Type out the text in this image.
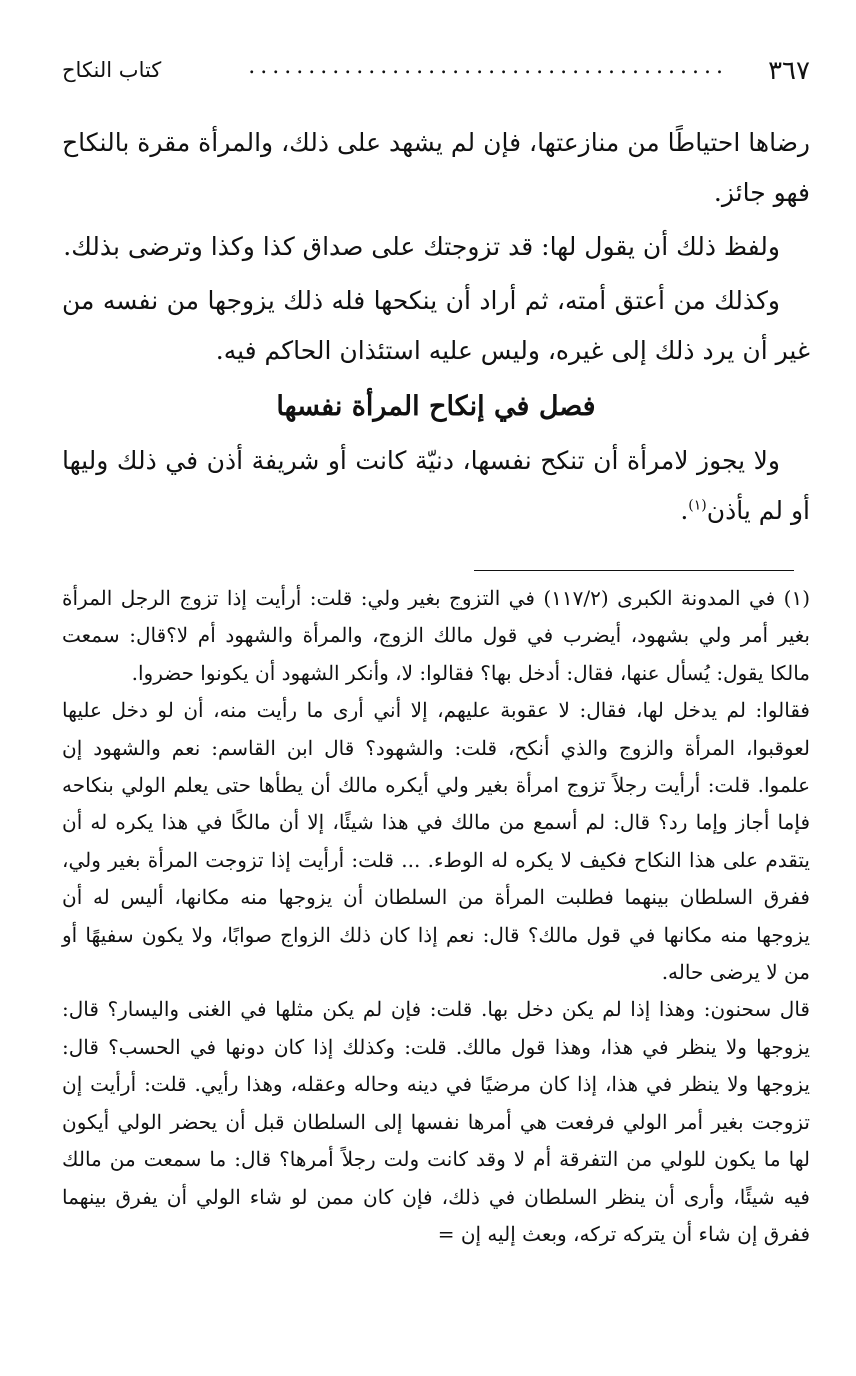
٣٦٧
........................................
كتاب النكاح

رضاها احتياطًا من منازعتها، فإن لم يشهد على ذلك، والمرأة مقرة بالنكاح فهو جائز.

ولفظ ذلك أن يقول لها: قد تزوجتك على صداق كذا وكذا وترضى بذلك.

وكذلك من أعتق أمته، ثم أراد أن ينكحها فله ذلك يزوجها من نفسه من غير أن يرد ذلك إلى غيره، وليس عليه استئذان الحاكم فيه.

فصل في إنكاح المرأة نفسها

ولا يجوز لامرأة أن تنكح نفسها، دنيّة كانت أو شريفة أذن في ذلك وليها أو لم يأذن$^{(١)}$.

(١) في المدونة الكبرى (١١٧/٢) في التزوج بغير ولي: قلت: أرأيت إذا تزوج الرجل المرأة بغير أمر ولي بشهود، أيضرب في قول مالك الزوج، والمرأة والشهود أم لا؟قال: سمعت مالكا يقول: يُسأل عنها، فقال: أدخل بها؟ فقالوا: لا، وأنكر الشهود أن يكونوا حضروا.

فقالوا: لم يدخل لها، فقال: لا عقوبة عليهم، إلا أني أرى ما رأيت منه، أن لو دخل عليها لعوقبوا، المرأة والزوج والذي أنكح، قلت: والشهود؟ قال ابن القاسم: نعم والشهود إن علموا. قلت: أرأيت رجلاً تزوج امرأة بغير ولي أيكره مالك أن يطأها حتى يعلم الولي بنكاحه فإما أجاز وإما رد؟ قال: لم أسمع من مالك في هذا شيئًا، إلا أن مالكًا في هذا يكره له أن يتقدم على هذا النكاح فكيف لا يكره له الوطء. ... قلت: أرأيت إذا تزوجت المرأة بغير ولي، ففرق السلطان بينهما فطلبت المرأة من السلطان أن يزوجها منه مكانها، أليس له أن يزوجها منه مكانها في قول مالك؟ قال: نعم إذا كان ذلك الزواج صوابًا، ولا يكون سفيهًا أو من لا يرضى حاله.

قال سحنون: وهذا إذا لم يكن دخل بها. قلت: فإن لم يكن مثلها في الغنى واليسار؟ قال: يزوجها ولا ينظر في هذا، وهذا قول مالك. قلت: وكذلك إذا كان دونها في الحسب؟ قال: يزوجها ولا ينظر في هذا، إذا كان مرضيًا في دينه وحاله وعقله، وهذا رأيي. قلت: أرأيت إن تزوجت بغير أمر الولي فرفعت هي أمرها نفسها إلى السلطان قبل أن يحضر الولي أيكون لها ما يكون للولي من التفرقة أم لا وقد كانت ولت رجلاً أمرها؟ قال: ما سمعت من مالك فيه شيئًا، وأرى أن ينظر السلطان في ذلك، فإن كان ممن لو شاء الولي أن يفرق بينهما ففرق إن شاء أن يترکه ترکه، وبعث إليه إن =
